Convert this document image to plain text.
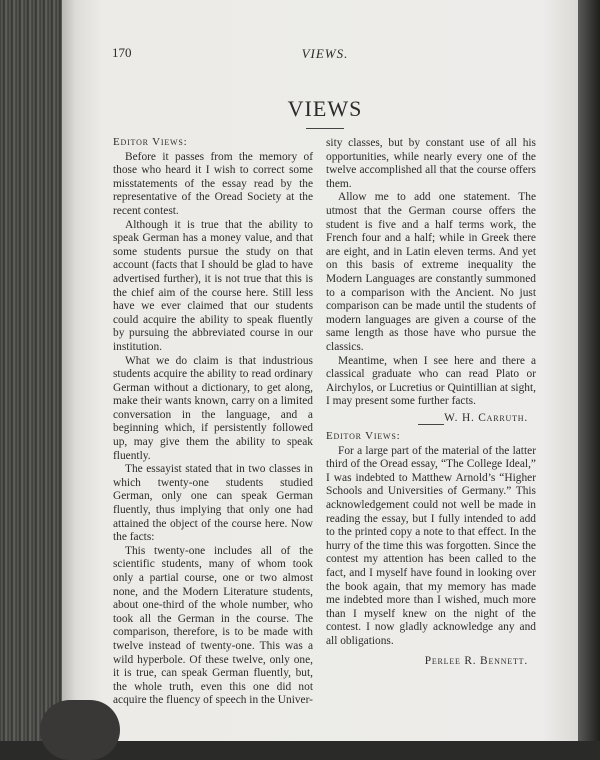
170	VIEWS.
VIEWS
Editor Views:

Before it passes from the memory of those who heard it I wish to correct some misstatements of the essay read by the representative of the Oread Society at the recent contest.

Although it is true that the ability to speak German has a money value, and that some students pursue the study on that account (facts that I should be glad to have advertised further), it is not true that this is the chief aim of the course here. Still less have we ever claimed that our students could acquire the ability to speak fluently by pursuing the abbreviated course in our institution.

What we do claim is that industrious students acquire the ability to read ordinary German without a dictionary, to get along, make their wants known, carry on a limited conversation in the language, and a beginning which, if persistently followed up, may give them the ability to speak fluently.

The essayist stated that in two classes in which twenty-one students studied German, only one can speak German fluently, thus implying that only one had attained the object of the course here. Now the facts:

This twenty-one includes all of the scientific students, many of whom took only a partial course, one or two almost none, and the Modern Literature students, about one-third of the whole number, who took all the German in the course. The comparison, therefore, is to be made with twelve instead of twenty-one. This was a wild hyperbole. Of these twelve, only one, it is true, can speak German fluently, but, the whole truth, even this one did not acquire the fluency of speech in the Univer-

sity classes, but by constant use of all his opportunities, while nearly every one of the twelve accomplished all that the course offers them.

Allow me to add one statement. The utmost that the German course offers the student is five and a half terms work, the French four and a half; while in Greek there are eight, and in Latin eleven terms. And yet on this basis of extreme inequality the Modern Languages are constantly summoned to a comparison with the Ancient. No just comparison can be made until the students of modern languages are given a course of the same length as those have who pursue the classics.

Meantime, when I see here and there a classical graduate who can read Plato or Airchylos, or Lucretius or Quintillian at sight, I may present some further facts.

W. H. Carruth.
Editor Views:

For a large part of the material of the latter third of the Oread essay, “The College Ideal,” I was indebted to Matthew Arnold’s “Higher Schools and Universities of Germany.” This acknowledgement could not well be made in reading the essay, but I fully intended to add to the printed copy a note to that effect. In the hurry of the time this was forgotten. Since the contest my attention has been called to the fact, and I myself have found in looking over the book again, that my memory has made me indebted more than I wished, much more than I myself knew on the night of the contest. I now gladly acknowledge any and all obligations.

Perlee R. Bennett.
